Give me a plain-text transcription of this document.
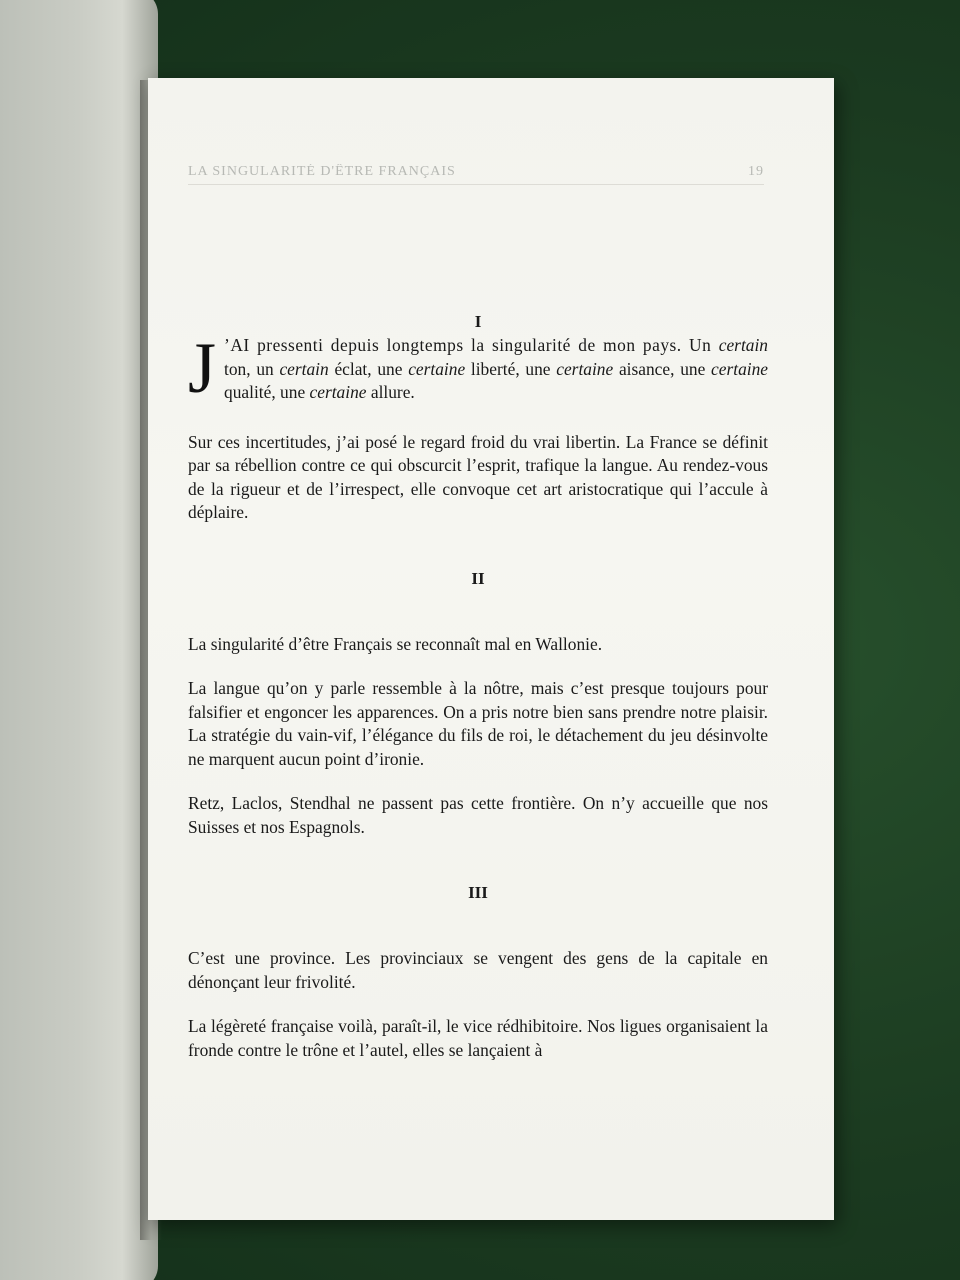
LA SINGULARITÉ D'ÊTRE FRANÇAIS	19
I

J ’AI pressenti depuis longtemps la singularité de mon pays. Un certain ton, un certain éclat, une certaine liberté, une certaine aisance, une certaine qualité, une certaine allure.

Sur ces incertitudes, j’ai posé le regard froid du vrai libertin. La France se définit par sa rébellion contre ce qui obscurcit l’esprit, trafique la langue. Au rendez-vous de la rigueur et de l’irrespect, elle convoque cet art aristocratique qui l’accule à déplaire.

II

La singularité d’être Français se reconnaît mal en Wallonie.

La langue qu’on y parle ressemble à la nôtre, mais c’est presque toujours pour falsifier et engoncer les apparences. On a pris notre bien sans prendre notre plaisir. La stratégie du vain-vif, l’élégance du fils de roi, le détachement du jeu désinvolte ne marquent aucun point d’ironie.

Retz, Laclos, Stendhal ne passent pas cette frontière. On n’y accueille que nos Suisses et nos Espagnols.

III

C’est une province. Les provinciaux se vengent des gens de la capitale en dénonçant leur frivolité.

La légèreté française voilà, paraît-il, le vice rédhibitoire. Nos ligues organisaient la fronde contre le trône et l’autel, elles se lançaient à
